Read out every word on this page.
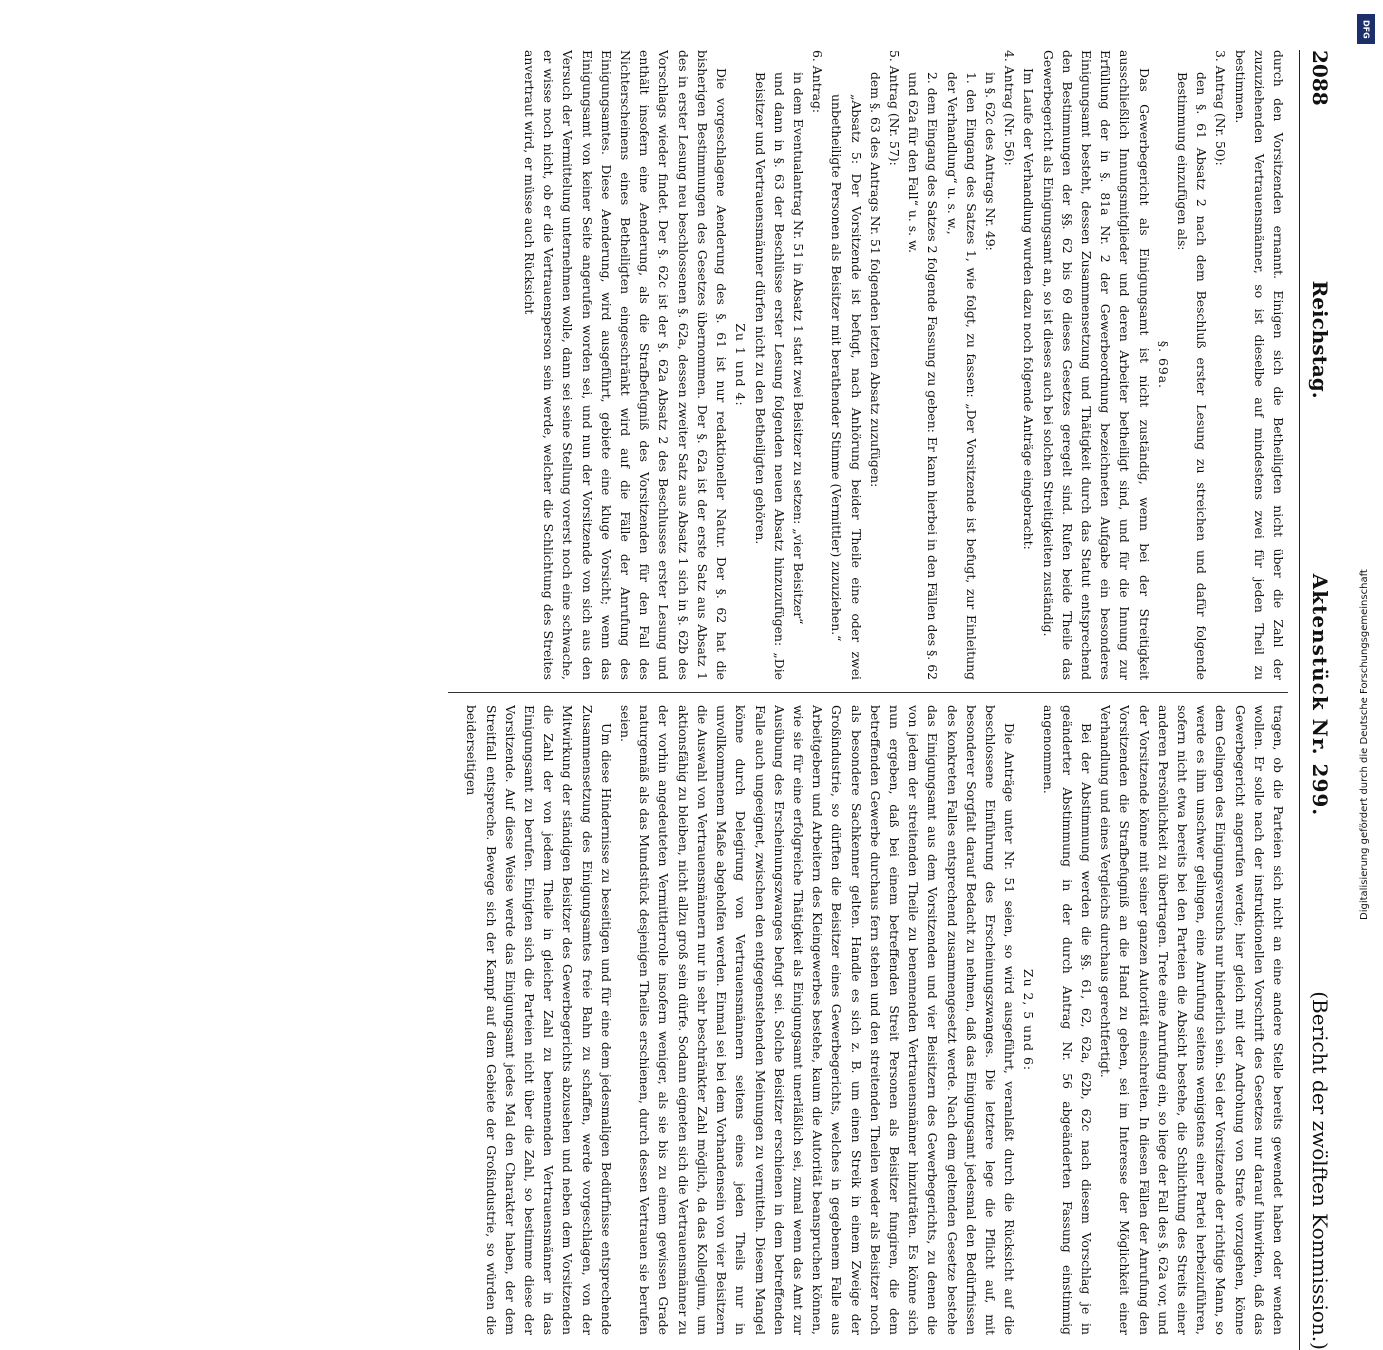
2088
Reichstag.
Aktenstück Nr. 299.
(Bericht der zwölften Kommission.)

durch den Vorsitzenden ernannt. Einigen sich die Betheiligten nicht über die Zahl der zuzuziehenden Vertrauensmänner, so ist dieselbe auf mindestens zwei für jeden Theil zu bestimmen.

3. Antrag (Nr. 50):

den §. 61 Absatz 2 nach dem Beschluß erster Lesung zu streichen und dafür folgende Bestimmung einzufügen als:

§. 69a.

Das Gewerbegericht als Einigungsamt ist nicht zuständig, wenn bei der Streitigkeit ausschließlich Innungsmitglieder und deren Arbeiter betheiligt sind, und für die Innung zur Erfüllung der in §. 81a Nr. 2 der Gewerbeordnung bezeichneten Aufgabe ein besonderes Einigungsamt besteht, dessen Zusammensetzung und Thätigkeit durch das Statut entsprechend den Bestimmungen der §§. 62 bis 69 dieses Gesetzes geregelt sind. Rufen beide Theile das Gewerbegericht als Einigungsamt an, so ist dieses auch bei solchen Streitigkeiten zuständig.

Im Laufe der Verhandlung wurden dazu noch folgende Anträge eingebracht:

4. Antrag (Nr. 56):

in §. 62c des Antrags Nr. 49:

1. den Eingang des Satzes 1, wie folgt, zu fassen: „Der Vorsitzende ist befugt, zur Einleitung der Verhandlung“ u. s. w.,

2. dem Eingang des Satzes 2 folgende Fassung zu geben: Er kann hierbei in den Fällen des §. 62 und 62a für den Fall“ u. s. w.

5. Antrag (Nr. 57):

dem §. 63 des Antrags Nr. 51 folgenden letzten Absatz zuzufügen:

„Absatz 5: Der Vorsitzende ist befugt, nach Anhörung beider Theile eine oder zwei unbetheiligte Personen als Beisitzer mit berathender Stimme (Vermittler) zuzuziehen.“

6. Antrag:

in dem Eventualantrag Nr. 51 in Absatz 1 statt zwei Beisitzer zu setzen: „vier Beisitzer“

und dann in §. 63 der Beschlüsse erster Lesung folgenden neuen Absatz hinzuzufügen: „Die Beisitzer und Vertrauensmänner dürfen nicht zu den Betheiligten gehören.

Zu 1 und 4:

Die vorgeschlagene Aenderung des §. 61 ist nur redaktioneller Natur. Der §. 62 hat die bisherigen Bestimmungen des Gesetzes übernommen. Der §. 62a ist der erste Satz aus Absatz 1 des in erster Lesung neu beschlossenen §. 62a, dessen zweiter Satz aus Absatz 1 sich in §. 62b des Vorschlags wieder findet. Der §. 62c ist der §. 62a Absatz 2 des Beschlusses erster Lesung und enthält insofern eine Aenderung, als die Strafbefugniß des Vorsitzenden für den Fall des Nichterscheinens eines Betheiligten eingeschränkt wird auf die Fälle der Anrufung des Einigungsamtes. Diese Aenderung, wird ausgeführt, gebiete eine kluge Vorsicht; wenn das Einigungsamt von keiner Seite angerufen worden sei, und nun der Vorsitzende von sich aus den Versuch der Vermittelung unternehmen wolle, dann sei seine Stellung vorerst noch eine schwache, er wisse noch nicht, ob er die Vertrauensperson sein werde, welcher die Schlichtung des Streites anvertraut wird, er müsse auch Rücksicht

tragen, ob die Parteien sich nicht an eine andere Stelle bereits gewendet haben oder wenden wollen. Er solle nach der instruktionellen Vorschrift des Gesetzes nur darauf hinwirken, daß das Gewerbegericht angerufen werde; hier gleich mit der Androhung von Strafe vorzugehen, könne dem Gelingen des Einigungsversuchs nur hinderlich sein. Sei der Vorsitzende der richtige Mann, so werde es ihm unschwer gelingen, eine Anrufung seitens wenigstens einer Partei herbeizuführen, sofern nicht etwa bereits bei den Parteien die Absicht bestehe, die Schlichtung des Streits einer anderen Persönlichkeit zu übertragen. Trete eine Anrufung ein, so liege der Fall des §. 62a vor, und der Vorsitzende könne mit seiner ganzen Autorität einschreiten. In diesen Fällen der Anrufung den Vorsitzenden die Strafbefugniß an die Hand zu geben, sei im Interesse der Möglichkeit einer Verhandlung und eines Vergleichs durchaus gerechtfertigt.

Bei der Abstimmung werden die §§. 61, 62, 62a, 62b, 62c nach diesem Vorschlag je in geänderter Abstimmung in der durch Antrag Nr. 56 abgeänderten Fassung einstimmig angenommen.

Zu 2, 5 und 6:

Die Anträge unter Nr. 51 seien, so wird ausgeführt, veranlaßt durch die Rücksicht auf die beschlossene Einführung des Erscheinungszwanges. Die letztere lege die Pflicht auf, mit besonderer Sorgfalt darauf Bedacht zu nehmen, daß das Einigungsamt jedesmal den Bedürfnissen des konkreten Falles entsprechend zusammengesetzt werde. Nach dem geltenden Gesetze bestehe das Einigungsamt aus dem Vorsitzenden und vier Beisitzern des Gewerbegerichts, zu denen die von jedem der streitenden Theile zu benennenden Vertrauensmänner hinzuträten. Es könne sich nun ergeben, daß bei einem betreffenden Streit Personen als Beisitzer fungiren, die dem betreffenden Gewerbe durchaus fern stehen und den streitenden Theilen weder als Beisitzer noch als besondere Sachkenner gelten. Handle es sich z. B. um einen Streik in einem Zweige der Großindustrie, so dürften die Beisitzer eines Gewerbegerichts, welches in gegebenem Falle aus Arbeitgebern und Arbeitern des Kleingewerbes bestehe, kaum die Autorität beanspruchen können, wie sie für eine erfolgreiche Thätigkeit als Einigungsamt unerläßlich sei, zumal wenn das Amt zur Ausübung des Erscheinungszwanges befugt sei. Solche Beisitzer erschienen in dem betreffenden Falle auch ungeeignet, zwischen den entgegenstehenden Meinungen zu vermitteln. Diesem Mangel könne durch Delegirung von Vertrauensmännern seitens eines jeden Theils nur in unvollkommenem Maße abgeholfen werden. Einmal sei bei dem Vorhandensein von vier Beisitzern die Auswahl von Vertrauensmännern nur in sehr beschränkter Zahl möglich, da das Kollegium, um aktionsfähig zu bleiben, nicht allzu groß sein dürfe. Sodann eigneten sich die Vertrauensmänner zu der vorhin angedeuteten Vermittlerrolle insofern weniger, als sie bis zu einem gewissen Grade naturgemäß als das Mundstück desjenigen Theiles erschienen, durch dessen Vertrauen sie berufen seien.

Um diese Hindernisse zu beseitigen und für eine dem jedesmaligen Bedürfnisse entsprechende Zusammensetzung des Einigungsamtes freie Bahn zu schaffen, werde vorgeschlagen, von der Mitwirkung der ständigen Beisitzer des Gewerbegerichts abzusehen und neben dem Vorsitzenden die Zahl der von jedem Theile in gleicher Zahl zu benennenden Vertrauensmänner in das Einigungsamt zu berufen. Einigten sich die Parteien nicht über die Zahl, so bestimme diese der Vorsitzende. Auf diese Weise werde das Einigungsamt jedes Mal den Charakter haben, der dem Streitfall entspreche. Bewege sich der Kampf auf dem Gebiete der Großindustrie, so würden die beiderseitigen

DFG
Digitalisierung gefördert durch die Deutsche Forschungsgemeinschaft
